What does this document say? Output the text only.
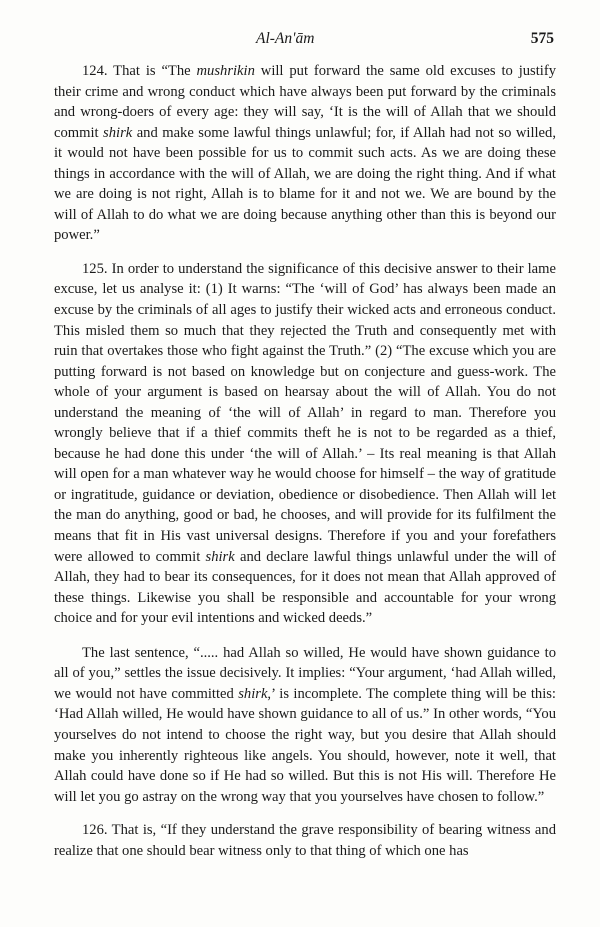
Al-An'ām	575

124. That is “The mushrikin will put forward the same old excuses to justify their crime and wrong conduct which have always been put forward by the criminals and wrong-doers of every age: they will say, ‘It is the will of Allah that we should commit shirk and make some lawful things unlawful; for, if Allah had not so willed, it would not have been possible for us to commit such acts. As we are doing these things in accordance with the will of Allah, we are doing the right thing. And if what we are doing is not right, Allah is to blame for it and not we. We are bound by the will of Allah to do what we are doing because anything other than this is beyond our power.”

125. In order to understand the significance of this decisive answer to their lame excuse, let us analyse it: (1) It warns: “The ‘will of God’ has always been made an excuse by the criminals of all ages to justify their wicked acts and erroneous conduct. This misled them so much that they rejected the Truth and consequently met with ruin that overtakes those who fight against the Truth.” (2) “The excuse which you are putting forward is not based on knowledge but on conjecture and guess-work. The whole of your argument is based on hearsay about the will of Allah. You do not understand the meaning of ‘the will of Allah’ in regard to man. Therefore you wrongly believe that if a thief commits theft he is not to be regarded as a thief, because he had done this under ‘the will of Allah.’ – Its real meaning is that Allah will open for a man whatever way he would choose for himself – the way of gratitude or ingratitude, guidance or deviation, obedience or disobedience. Then Allah will let the man do anything, good or bad, he chooses, and will provide for its fulfilment the means that fit in His vast universal designs. Therefore if you and your forefathers were allowed to commit shirk and declare lawful things unlawful under the will of Allah, they had to bear its consequences, for it does not mean that Allah approved of these things. Likewise you shall be responsible and accountable for your wrong choice and for your evil intentions and wicked deeds.”

The last sentence, “..... had Allah so willed, He would have shown guidance to all of you,” settles the issue decisively. It implies: “Your argument, ‘had Allah willed, we would not have committed shirk,’ is incomplete. The complete thing will be this: ‘Had Allah willed, He would have shown guidance to all of us.” In other words, “You yourselves do not intend to choose the right way, but you desire that Allah should make you inherently righteous like angels. You should, however, note it well, that Allah could have done so if He had so willed. But this is not His will. Therefore He will let you go astray on the wrong way that you yourselves have chosen to follow.”

126. That is, “If they understand the grave responsibility of bearing witness and realize that one should bear witness only to that thing of which one has
